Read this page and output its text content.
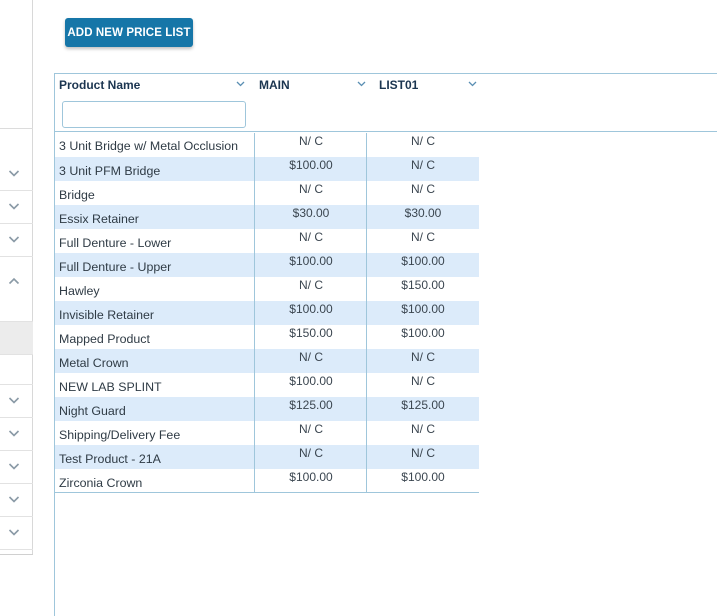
ADD NEW PRICE LIST
Product Name	MAIN	LIST01
3 Unit Bridge w/ Metal Occlusion	N/ C	N/ C
3 Unit PFM Bridge	$100.00	N/ C
Bridge	N/ C	N/ C
Essix Retainer	$30.00	$30.00
Full Denture - Lower	N/ C	N/ C
Full Denture - Upper	$100.00	$100.00
Hawley	N/ C	$150.00
Invisible Retainer	$100.00	$100.00
Mapped Product	$150.00	$100.00
Metal Crown	N/ C	N/ C
NEW LAB SPLINT	$100.00	N/ C
Night Guard	$125.00	$125.00
Shipping/Delivery Fee	N/ C	N/ C
Test Product - 21A	N/ C	N/ C
Zirconia Crown	$100.00	$100.00
